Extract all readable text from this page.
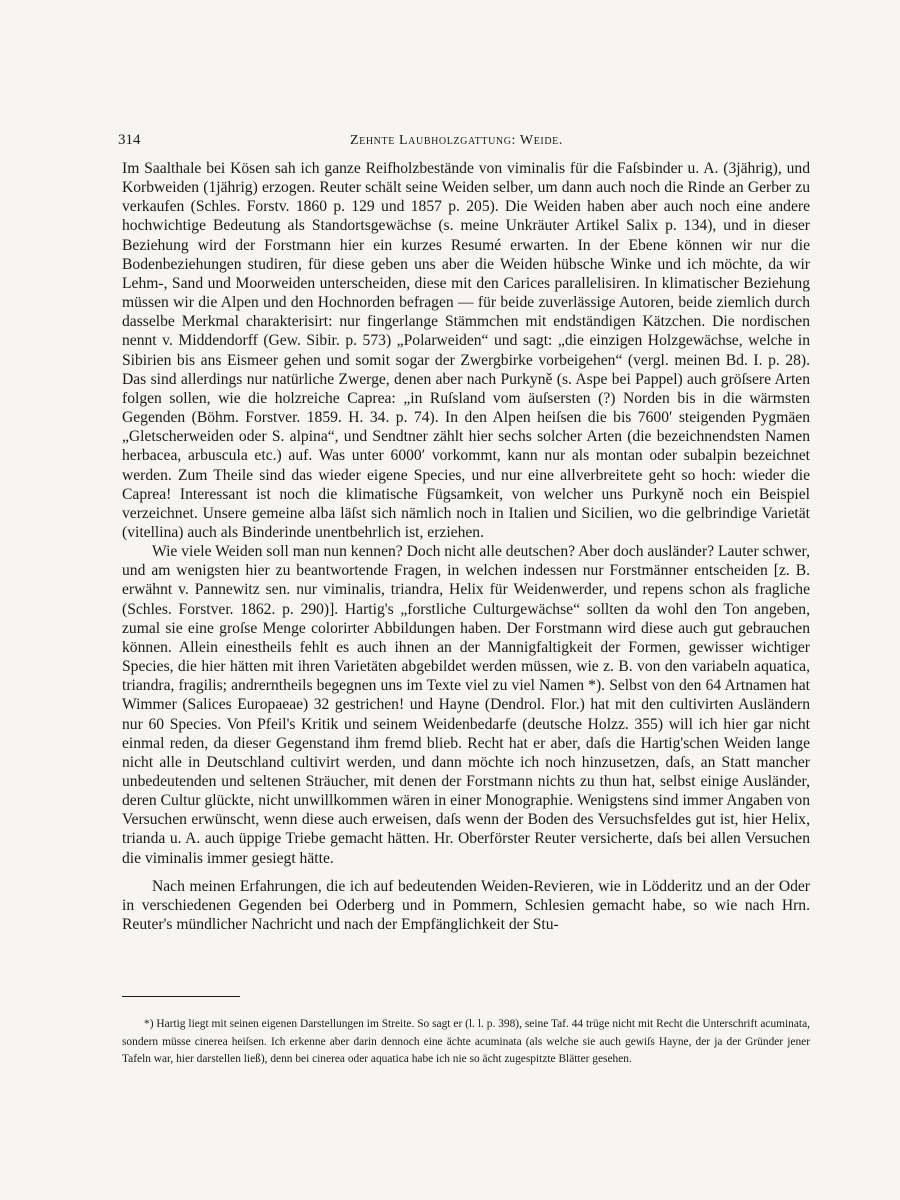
314	Zehnte Laubholzgattung: Weide.

Im Saalthale bei Kösen sah ich ganze Reifholzbestände von viminalis für die Faſsbinder u. A. (3jährig), und Korbweiden (1jährig) erzogen. Reuter schält seine Weiden selber, um dann auch noch die Rinde an Gerber zu verkaufen (Schles. Forstv. 1860 p. 129 und 1857 p. 205). Die Weiden haben aber auch noch eine andere hochwichtige Bedeutung als Standortsgewächse (s. meine Unkräuter Artikel Salix p. 134), und in dieser Beziehung wird der Forstmann hier ein kurzes Resumé erwarten. In der Ebene können wir nur die Bodenbeziehungen studiren, für diese geben uns aber die Weiden hübsche Winke und ich möchte, da wir Lehm-, Sand und Moorweiden unterscheiden, diese mit den Carices parallelisiren. In klimatischer Beziehung müssen wir die Alpen und den Hochnorden befragen — für beide zuverlässige Autoren, beide ziemlich durch dasselbe Merkmal charakterisirt: nur fingerlange Stämmchen mit endständigen Kätzchen. Die nordischen nennt v. Middendorff (Gew. Sibir. p. 573) „Polarweiden“ und sagt: „die einzigen Holzgewächse, welche in Sibirien bis ans Eismeer gehen und somit sogar der Zwergbirke vorbeigehen“ (vergl. meinen Bd. I. p. 28). Das sind allerdings nur natürliche Zwerge, denen aber nach Purkyně (s. Aspe bei Pappel) auch gröſsere Arten folgen sollen, wie die holzreiche Caprea: „in Ruſsland vom äuſsersten (?) Norden bis in die wärmsten Gegenden (Böhm. Forstver. 1859. H. 34. p. 74). In den Alpen heiſsen die bis 7600′ steigenden Pygmäen „Gletscherweiden oder S. alpina“, und Sendtner zählt hier sechs solcher Arten (die bezeichnendsten Namen herbacea, arbuscula etc.) auf. Was unter 6000′ vorkommt, kann nur als montan oder subalpin bezeichnet werden. Zum Theile sind das wieder eigene Species, und nur eine allverbreitete geht so hoch: wieder die Caprea! Interessant ist noch die klimatische Fügsamkeit, von welcher uns Purkyně noch ein Beispiel verzeichnet. Unsere gemeine alba läſst sich nämlich noch in Italien und Sicilien, wo die gelbrindige Varietät (vitellina) auch als Binderinde unentbehrlich ist, erziehen.

Wie viele Weiden soll man nun kennen? Doch nicht alle deutschen? Aber doch ausländer? Lauter schwer, und am wenigsten hier zu beantwortende Fragen, in welchen indessen nur Forstmänner entscheiden [z. B. erwähnt v. Pannewitz sen. nur viminalis, triandra, Helix für Weidenwerder, und repens schon als fragliche (Schles. Forstver. 1862. p. 290)]. Hartig's „forstliche Culturgewächse“ sollten da wohl den Ton angeben, zumal sie eine groſse Menge colorirter Abbildungen haben. Der Forstmann wird diese auch gut gebrauchen können. Allein einestheils fehlt es auch ihnen an der Mannigfaltigkeit der Formen, gewisser wichtiger Species, die hier hätten mit ihren Varietäten abgebildet werden müssen, wie z. B. von den variabeln aquatica, triandra, fragilis; andrerntheils begegnen uns im Texte viel zu viel Namen *). Selbst von den 64 Artnamen hat Wimmer (Salices Europaeae) 32 gestrichen! und Hayne (Dendrol. Flor.) hat mit den cultivirten Ausländern nur 60 Species. Von Pfeil's Kritik und seinem Weidenbedarfe (deutsche Holzz. 355) will ich hier gar nicht einmal reden, da dieser Gegenstand ihm fremd blieb. Recht hat er aber, daſs die Hartig'schen Weiden lange nicht alle in Deutschland cultivirt werden, und dann möchte ich noch hinzusetzen, daſs, an Statt mancher unbedeutenden und seltenen Sträucher, mit denen der Forstmann nichts zu thun hat, selbst einige Ausländer, deren Cultur glückte, nicht unwillkommen wären in einer Monographie. Wenigstens sind immer Angaben von Versuchen erwünscht, wenn diese auch erweisen, daſs wenn der Boden des Versuchsfeldes gut ist, hier Helix, trianda u. A. auch üppige Triebe gemacht hätten. Hr. Oberförster Reuter versicherte, daſs bei allen Versuchen die viminalis immer gesiegt hätte.

Nach meinen Erfahrungen, die ich auf bedeutenden Weiden-Revieren, wie in Lödderitz und an der Oder in verschiedenen Gegenden bei Oderberg und in Pommern, Schlesien gemacht habe, so wie nach Hrn. Reuter's mündlicher Nachricht und nach der Empfänglichkeit der Stu-

*) Hartig liegt mit seinen eigenen Darstellungen im Streite. So sagt er (l. l. p. 398), seine Taf. 44 trüge nicht mit Recht die Unterschrift acuminata, sondern müsse cinerea heiſsen. Ich erkenne aber darin dennoch eine ächte acuminata (als welche sie auch gewiſs Hayne, der ja der Gründer jener Tafeln war, hier darstellen ließ), denn bei cinerea oder aquatica habe ich nie so ächt zugespitzte Blätter gesehen.
